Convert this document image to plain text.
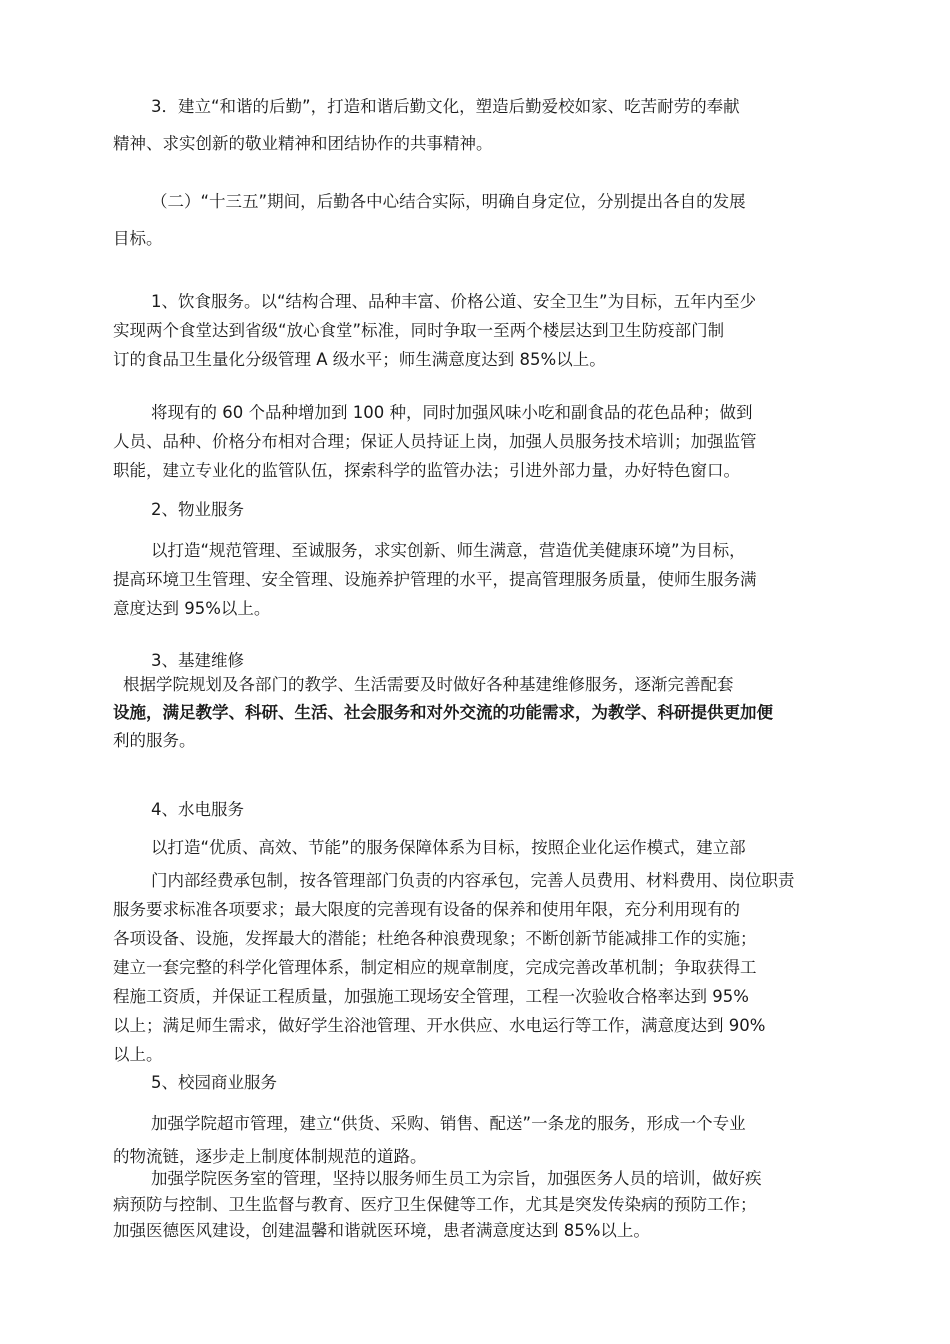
3．建立“和谐的后勤”，打造和谐后勤文化，塑造后勤爱校如家、吃苦耐劳的奉献
精神、求实创新的敬业精神和团结协作的共事精神。

（二）“十三五”期间，后勤各中心结合实际，明确自身定位，分别提出各自的发展
目标。

1、饮食服务。以“结构合理、品种丰富、价格公道、安全卫生”为目标，五年内至少
实现两个食堂达到省级“放心食堂”标准，同时争取一至两个楼层达到卫生防疫部门制
订的食品卫生量化分级管理 A 级水平；师生满意度达到 85%以上。

将现有的 60 个品种增加到 100 种，同时加强风味小吃和副食品的花色品种；做到
人员、品种、价格分布相对合理；保证人员持证上岗，加强人员服务技术培训；加强监管
职能，建立专业化的监管队伍，探索科学的监管办法；引进外部力量，办好特色窗口。

2、物业服务

以打造“规范管理、至诚服务，求实创新、师生满意，营造优美健康环境”为目标，
提高环境卫生管理、安全管理、设施养护管理的水平，提高管理服务质量，使师生服务满
意度达到 95%以上。

3、基建维修

根据学院规划及各部门的教学、生活需要及时做好各种基建维修服务，逐渐完善配套
设施，满足教学、科研、生活、社会服务和对外交流的功能需求，为教学、科研提供更加便
利的服务。

4、水电服务

以打造“优质、高效、节能”的服务保障体系为目标，按照企业化运作模式，建立部
门内部经费承包制，按各管理部门负责的内容承包，完善人员费用、材料费用、岗位职责
服务要求标准各项要求；最大限度的完善现有设备的保养和使用年限，充分利用现有的
各项设备、设施，发挥最大的潜能；杜绝各种浪费现象；不断创新节能减排工作的实施；
建立一套完整的科学化管理体系，制定相应的规章制度，完成完善改革机制；争取获得工
程施工资质，并保证工程质量，加强施工现场安全管理，工程一次验收合格率达到 95%
以上；满足师生需求，做好学生浴池管理、开水供应、水电运行等工作，满意度达到 90%
以上。

5、校园商业服务

加强学院超市管理，建立“供货、采购、销售、配送”一条龙的服务，形成一个专业
的物流链，逐步走上制度体制规范的道路。

加强学院医务室的管理，坚持以服务师生员工为宗旨，加强医务人员的培训，做好疾
病预防与控制、卫生监督与教育、医疗卫生保健等工作，尤其是突发传染病的预防工作；
加强医德医风建设，创建温馨和谐就医环境，患者满意度达到 85%以上。
